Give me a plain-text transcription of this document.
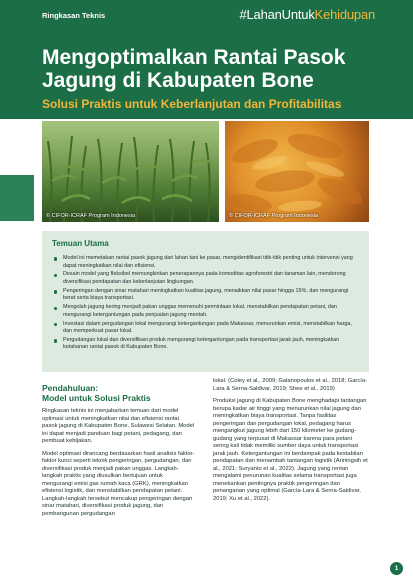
Ringkasan Teknis	#LahanUntukKehidupan
Mengoptimalkan Rantai Pasok Jagung di Kabupaten Bone
Solusi Praktis untuk Keberlanjutan dan Profitabilitas
© CIFOR-ICRAF Program Indonesia	© CIFOR-ICRAF Program Indonesia
Temuan Utama
Model ini memetakan rantai pasok jagung dari lahan tani ke pasar, mengidentifikasi titik-titik penting untuk intervensi yang dapat meningkatkan nilai dan efisiensi.
Desain model yang fleksibel memungkinkan penerapannya pada komoditas agroforestri dan tanaman lain, mendorong diversifikasi pendapatan dan keberlanjutan lingkungan.
Pengeringan dengan sinar matahari meningkatkan kualitas jagung, menaikkan nilai pasar hingga 15%, dan mengurangi berat serta biaya transportasi.
Mengolah jagung kering menjadi pakan unggas memenuhi permintaan lokal, menstabilkan pendapatan petani, dan mengurangi ketergantungan pada penjualan jagung mentah.
Investasi dalam pergudangan lokal mengurangi ketergantungan pada Makassar, menurunkan emisi, menstabilkan harga, dan memperkuat pasar lokal.
Pergudangan lokal dan diversifikasi produk mengurangi ketergantungan pada transportasi jarak jauh, meningkatkan ketahanan rantai pasok di Kabupaten Bone.
Pendahuluan:
Model untuk Solusi Praktis

Ringkasan teknis ini menjabarkan temuan dari model optimasi untuk meningkatkan nilai dan efisiensi rantai pasok jagung di Kabupaten Bone, Sulawesi Selatan. Model ini dapat menjadi panduan bagi petani, pedagang, dan pembuat kebijakan.

Model optimasi dirancang berdasarkan hasil analisis faktor-faktor kunci seperti teknik pengeringan, pergudangan, dan diversifikasi produk menjadi pakan unggas. Langkah-langkah praktis yang diusulkan bertujuan untuk mengurangi emisi gas rumah kaca (GRK), meningkatkan efisiensi logistik, dan menstabilkan pendapatan petani. Langkah-langkah tersebut mencakup pengeringan dengan sinar matahari, diversifikasi produk jagung, dan pembangunan pergudangan

lokal. (Coley et al., 2009; Galanopoulos et al., 2018; García-Lara & Serna-Saldivar, 2019; Shee et al., 2019)

Produksi jagung di Kabupaten Bone menghadapi tantangan berupa kadar air tinggi yang menurunkan nilai jagung dan meningkatkan biaya transportasi. Tanpa fasilitas pengeringan dan pergudangan lokal, pedagang harus mengangkut jagung lebih dari 150 kilometer ke gudang-gudang yang terpusat di Makassar karena para petani sering kali tidak memiliki sumber daya untuk transportasi jarak jauh. Ketergantungan ini berdampak pada kestabilan pendapatan dan menambah tantangan logistik (Ariningsih et al., 2021; Suryanto et al., 2022). Jagung yang rentan mengalami penurunan kualitas selama transportasi juga menekankan pentingnya praktik pengeringan dan penanganan yang optimal (García-Lara & Serna-Saldivar, 2019; Xu et al., 2022).

1
